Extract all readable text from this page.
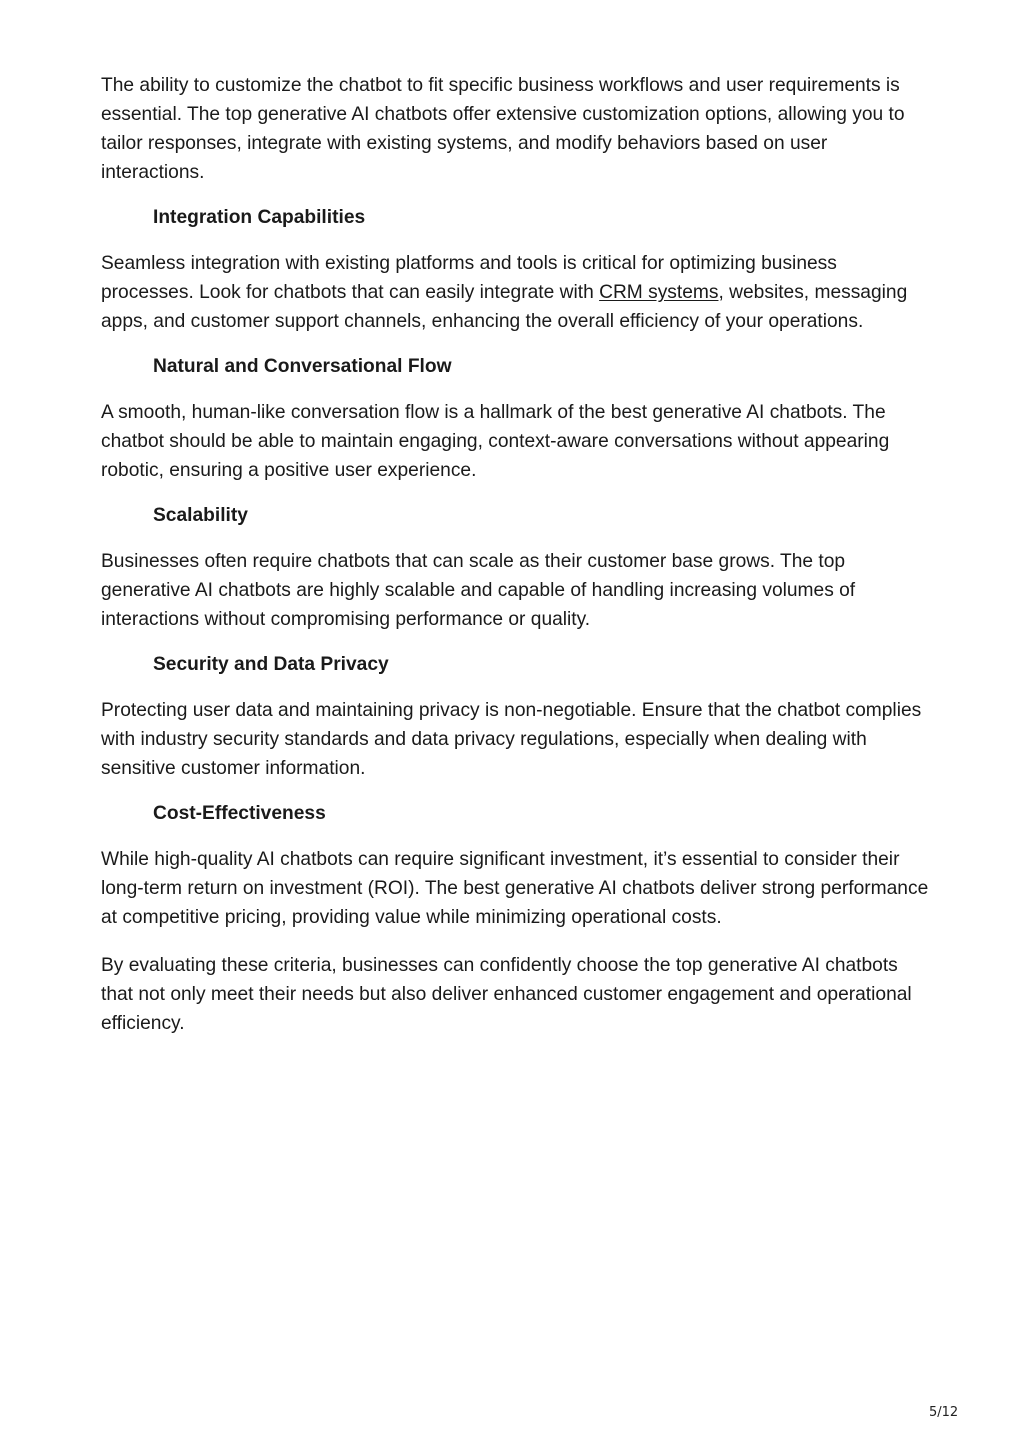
The ability to customize the chatbot to fit specific business workflows and user requirements is essential. The top generative AI chatbots offer extensive customization options, allowing you to tailor responses, integrate with existing systems, and modify behaviors based on user interactions.

Integration Capabilities

Seamless integration with existing platforms and tools is critical for optimizing business processes. Look for chatbots that can easily integrate with CRM systems, websites, messaging apps, and customer support channels, enhancing the overall efficiency of your operations.

Natural and Conversational Flow

A smooth, human-like conversation flow is a hallmark of the best generative AI chatbots. The chatbot should be able to maintain engaging, context-aware conversations without appearing robotic, ensuring a positive user experience.

Scalability

Businesses often require chatbots that can scale as their customer base grows. The top generative AI chatbots are highly scalable and capable of handling increasing volumes of interactions without compromising performance or quality.

Security and Data Privacy

Protecting user data and maintaining privacy is non-negotiable. Ensure that the chatbot complies with industry security standards and data privacy regulations, especially when dealing with sensitive customer information.

Cost-Effectiveness

While high-quality AI chatbots can require significant investment, it’s essential to consider their long-term return on investment (ROI). The best generative AI chatbots deliver strong performance at competitive pricing, providing value while minimizing operational costs.

By evaluating these criteria, businesses can confidently choose the top generative AI chatbots that not only meet their needs but also deliver enhanced customer engagement and operational efficiency.

5/12
